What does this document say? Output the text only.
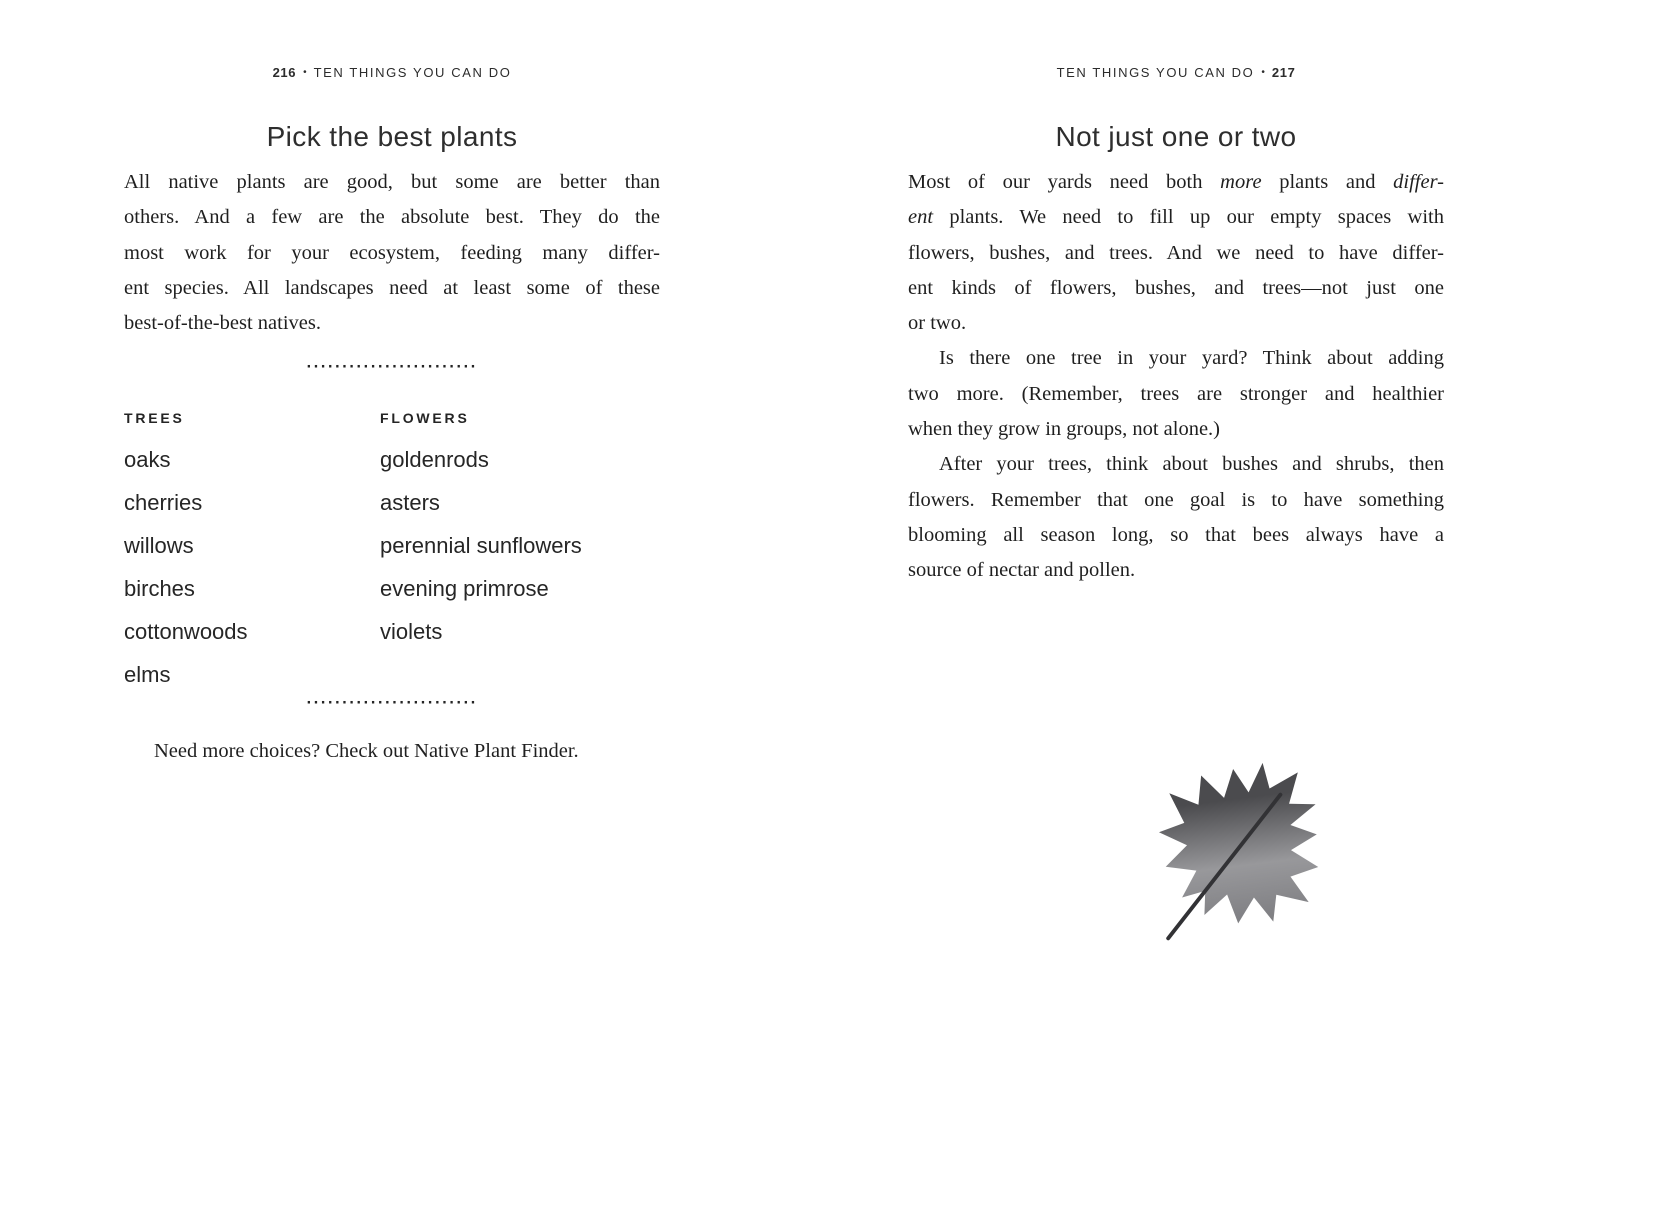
216 • TEN THINGS YOU CAN DO
Pick the best plants
All native plants are good, but some are better than
others. And a few are the absolute best. They do the
most work for your ecosystem, feeding many differ-
ent species. All landscapes need at least some of these
best-of-the-best natives.
························
TREES
oaks
cherries
willows
birches
cottonwoods
elms
FLOWERS
goldenrods
asters
perennial sunflowers
evening primrose
violets
························

Need more choices? Check out Native Plant Finder.

TEN THINGS YOU CAN DO • 217
Not just one or two
Most of our yards need both more plants and differ-
ent plants. We need to fill up our empty spaces with
flowers, bushes, and trees. And we need to have differ-
ent kinds of flowers, bushes, and trees—not just one
or two.
Is there one tree in your yard? Think about adding
two more. (Remember, trees are stronger and healthier
when they grow in groups, not alone.)
After your trees, think about bushes and shrubs, then
flowers. Remember that one goal is to have something
blooming all season long, so that bees always have a
source of nectar and pollen.
